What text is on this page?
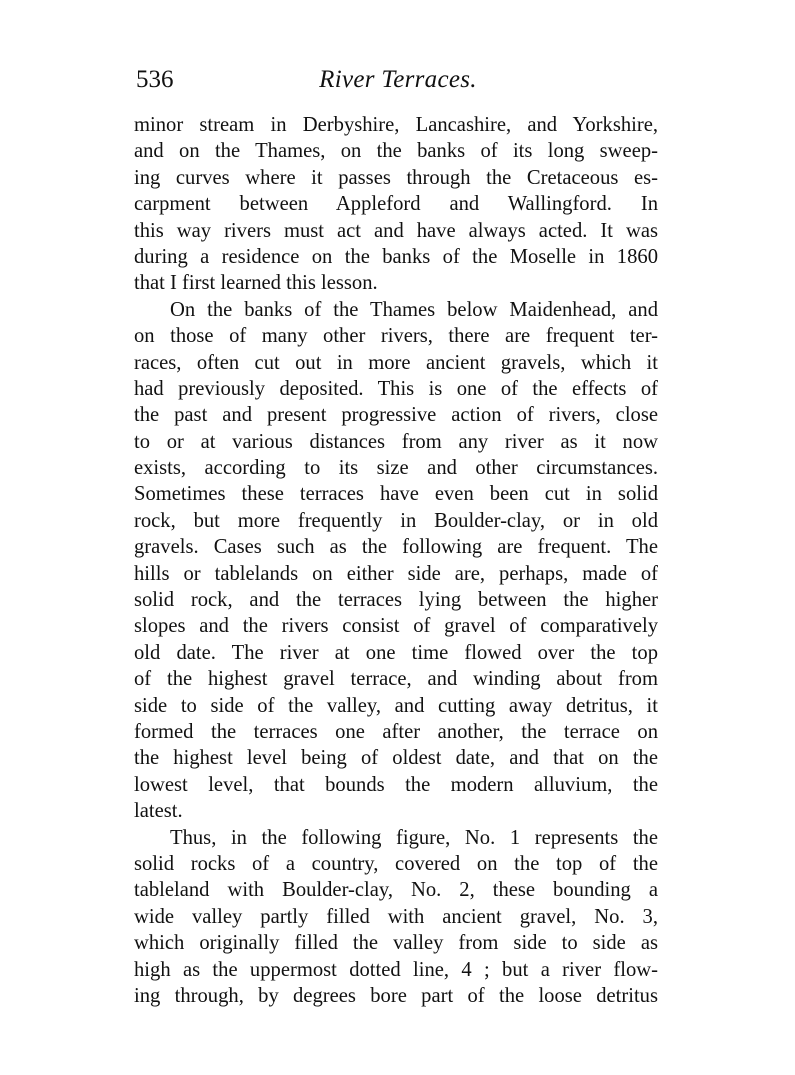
536	River Terraces.
minor stream in Derbyshire, Lancashire, and Yorkshire,
and on the Thames, on the banks of its long sweep-
ing curves where it passes through the Cretaceous es-
carpment between Appleford and Wallingford. In
this way rivers must act and have always acted. It was
during a residence on the banks of the Moselle in 1860
that I first learned this lesson.
On the banks of the Thames below Maidenhead, and
on those of many other rivers, there are frequent ter-
races, often cut out in more ancient gravels, which it
had previously deposited. This is one of the effects of
the past and present progressive action of rivers, close
to or at various distances from any river as it now
exists, according to its size and other circumstances.
Sometimes these terraces have even been cut in solid
rock, but more frequently in Boulder-clay, or in old
gravels. Cases such as the following are frequent. The
hills or tablelands on either side are, perhaps, made of
solid rock, and the terraces lying between the higher
slopes and the rivers consist of gravel of comparatively
old date. The river at one time flowed over the top
of the highest gravel terrace, and winding about from
side to side of the valley, and cutting away detritus, it
formed the terraces one after another, the terrace on
the highest level being of oldest date, and that on the
lowest level, that bounds the modern alluvium, the
latest.
Thus, in the following figure, No. 1 represents the
solid rocks of a country, covered on the top of the
tableland with Boulder-clay, No. 2, these bounding a
wide valley partly filled with ancient gravel, No. 3,
which originally filled the valley from side to side as
high as the uppermost dotted line, 4 ; but a river flow-
ing through, by degrees bore part of the loose detritus
